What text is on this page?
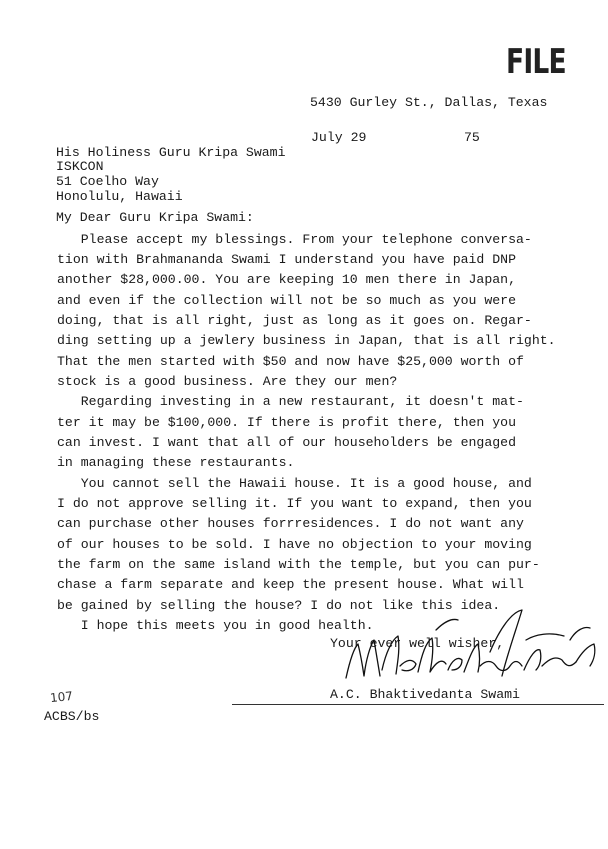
FILE
5430 Gurley St., Dallas, Texas
July 29	75
His Holiness Guru Kripa Swami
ISKCON
51 Coelho Way
Honolulu, Hawaii
My Dear Guru Kripa Swami:
Please accept my blessings. From your telephone conversa-
tion with Brahmananda Swami I understand you have paid DNP
another $28,000.00. You are keeping 10 men there in Japan,
and even if the collection will not be so much as you were
doing, that is all right, just as long as it goes on. Regar-
ding setting up a jewlery business in Japan, that is all right.
That the men started with $50 and now have $25,000 worth of
stock is a good business. Are they our men?
Regarding investing in a new restaurant, it doesn't mat-
ter it may be $100,000. If there is profit there, then you
can invest. I want that all of our householders be engaged
in managing these restaurants.
You cannot sell the Hawaii house. It is a good house, and
I do not approve selling it. If you want to expand, then you
can purchase other houses forrresidences. I do not want any
of our houses to be sold. I have no objection to your moving
the farm on the same island with the temple, but you can pur-
chase a farm separate and keep the present house. What will
be gained by selling the house? I do not like this idea.
I hope this meets you in good health.
Your ever well wisher,
A.C. Bhaktivedanta Swami
107
ACBS/bs
